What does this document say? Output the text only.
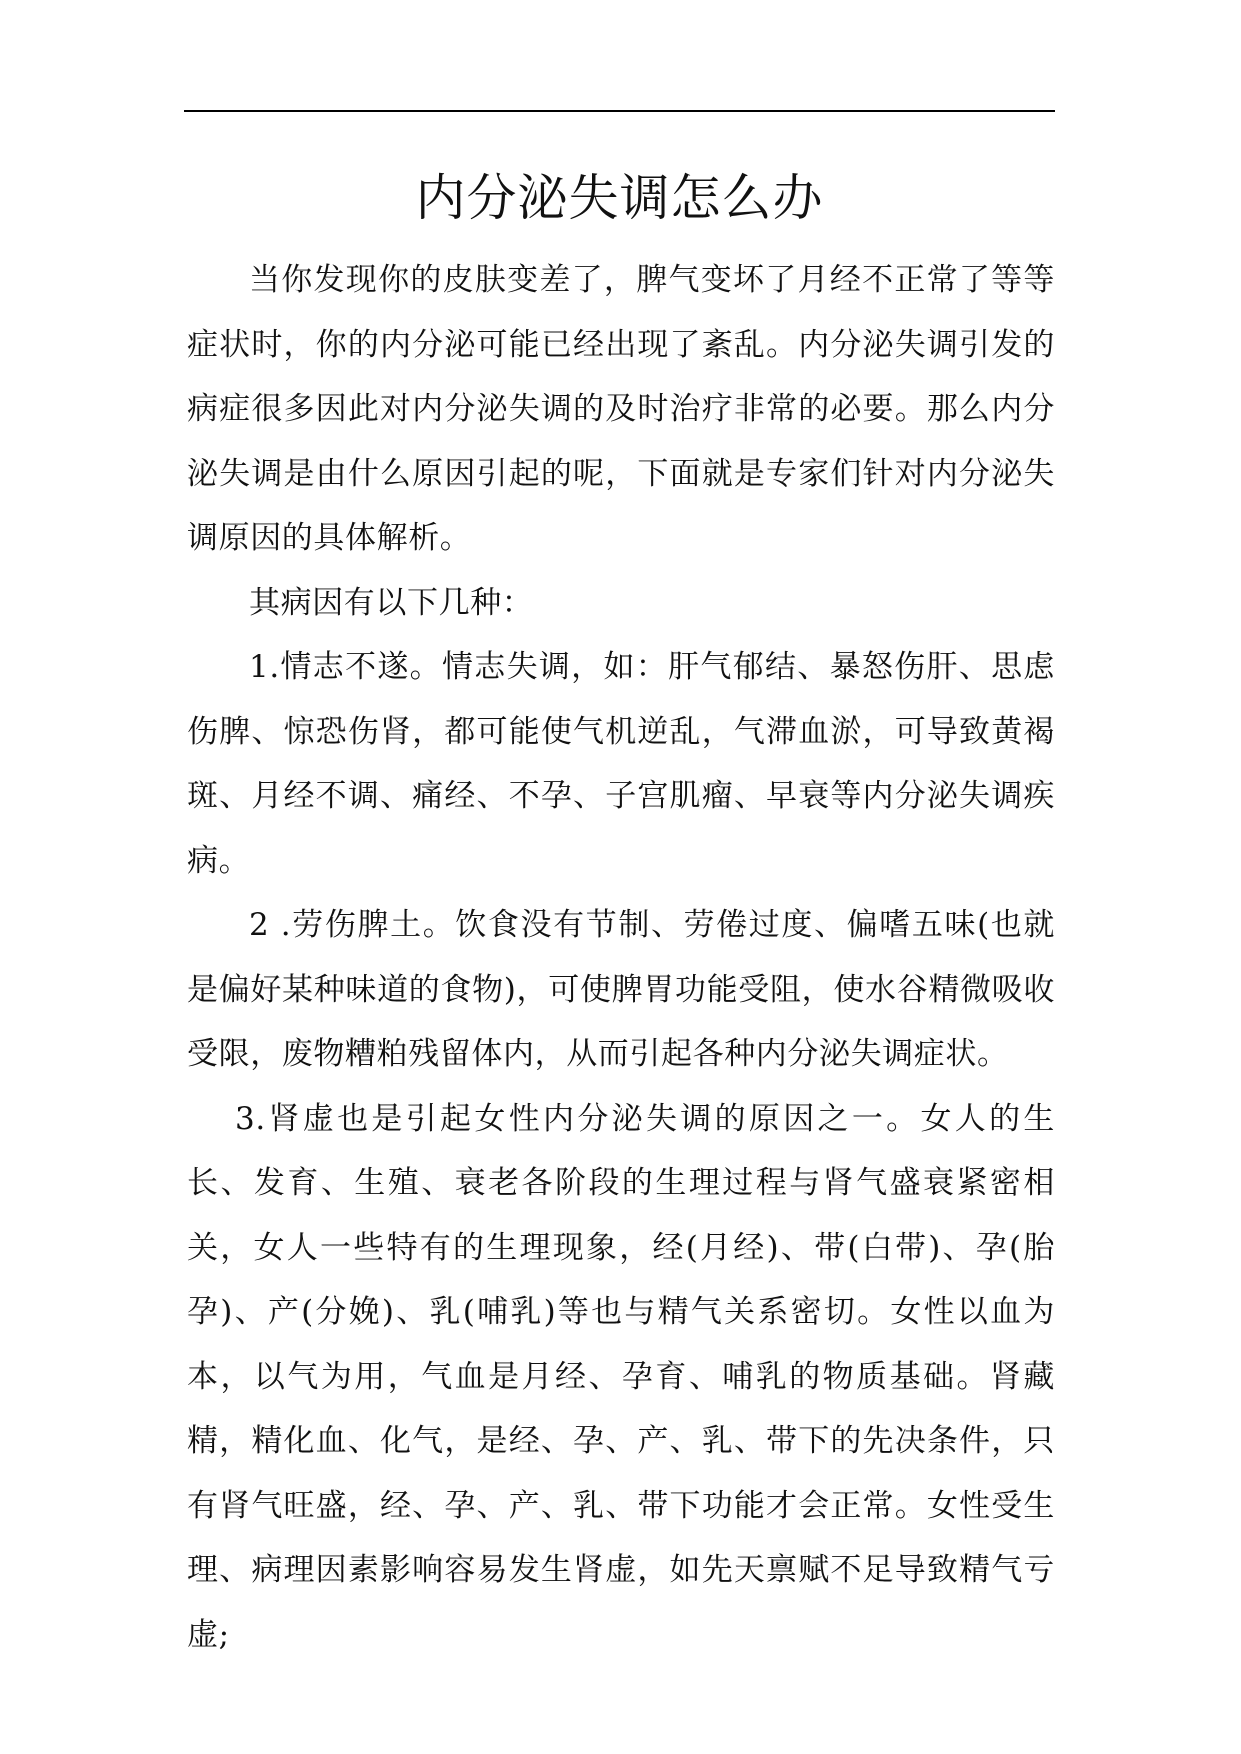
内分泌失调怎么办

当你发现你的皮肤变差了，脾气变坏了月经不正常了等等症状时，你的内分泌可能已经出现了紊乱。内分泌失调引发的病症很多因此对内分泌失调的及时治疗非常的必要。那么内分泌失调是由什么原因引起的呢，下面就是专家们针对内分泌失调原因的具体解析。

其病因有以下几种：

1.情志不遂。情志失调，如：肝气郁结、暴怒伤肝、思虑伤脾、惊恐伤肾，都可能使气机逆乱，气滞血淤，可导致黄褐斑、月经不调、痛经、不孕、子宫肌瘤、早衰等内分泌失调疾病。

2 .劳伤脾土。饮食没有节制、劳倦过度、偏嗜五味(也就是偏好某种味道的食物)，可使脾胃功能受阻，使水谷精微吸收受限，废物糟粕残留体内，从而引起各种内分泌失调症状。

3.肾虚也是引起女性内分泌失调的原因之一。女人的生长、发育、生殖、衰老各阶段的生理过程与肾气盛衰紧密相关，女人一些特有的生理现象，经(月经)、带(白带)、孕(胎孕)、产(分娩)、乳(哺乳)等也与精气关系密切。女性以血为本，以气为用，气血是月经、孕育、哺乳的物质基础。肾藏精，精化血、化气，是经、孕、产、乳、带下的先决条件，只有肾气旺盛，经、孕、产、乳、带下功能才会正常。女性受生理、病理因素影响容易发生肾虚，如先天禀赋不足导致精气亏虚;
